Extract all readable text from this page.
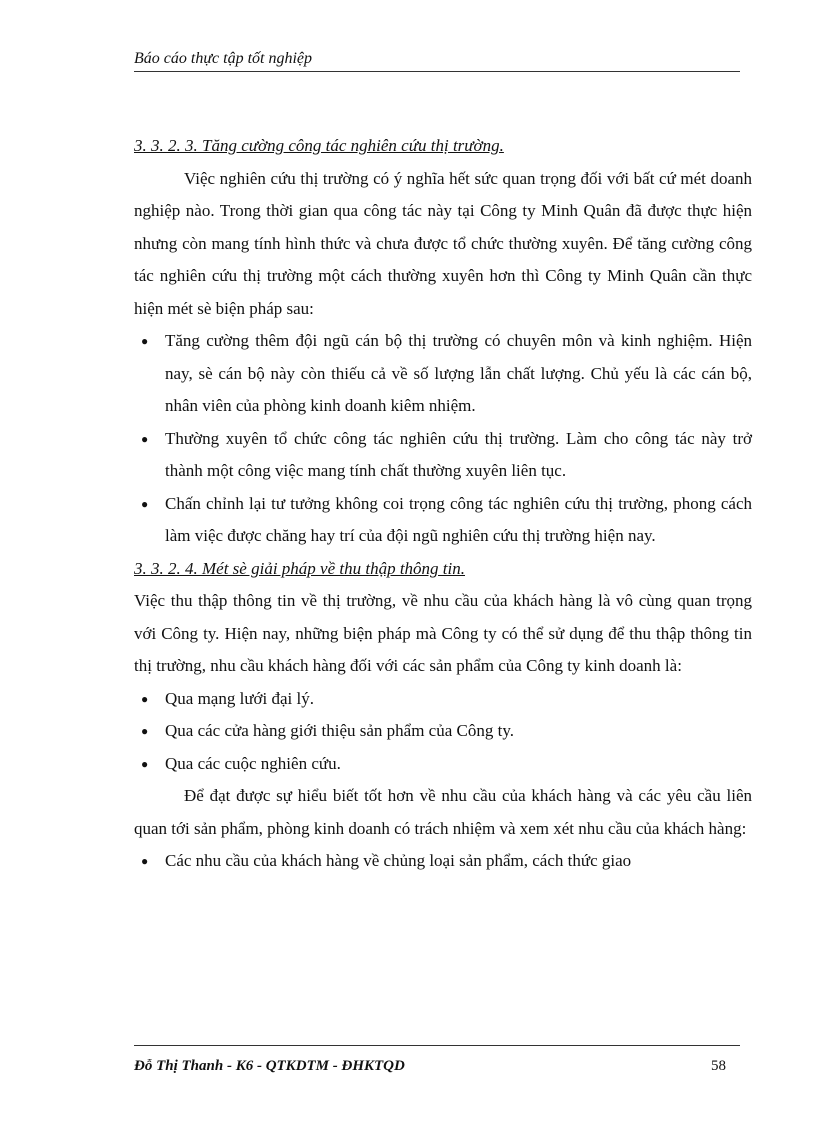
Báo cáo thực tập tốt nghiệp

3. 3. 2. 3. Tăng cường công tác nghiên cứu thị trường.

Việc nghiên cứu thị trường có ý nghĩa hết sức quan trọng đối với bất cứ mét doanh nghiệp nào. Trong thời gian qua công tác này tại Công ty Minh Quân đã được thực hiện nhưng còn mang tính hình thức và chưa được tổ chức thường xuyên. Để tăng cường công tác nghiên cứu thị trường một cách thường xuyên hơn thì Công ty Minh Quân cần thực hiện mét sè biện pháp sau:

● Tăng cường thêm đội ngũ cán bộ thị trường có chuyên môn và kinh nghiệm. Hiện nay, sè cán bộ này còn thiếu cả về số lượng lẫn chất lượng. Chủ yếu là các cán bộ, nhân viên của phòng kinh doanh kiêm nhiệm.
● Thường xuyên tổ chức công tác nghiên cứu thị trường. Làm cho công tác này trở thành một công việc mang tính chất thường xuyên liên tục.
● Chấn chỉnh lại tư tưởng không coi trọng công tác nghiên cứu thị trường, phong cách làm việc được chăng hay trí của đội ngũ nghiên cứu thị trường hiện nay.

3. 3. 2. 4. Mét sè giải pháp về thu thập thông tin.

Việc thu thập thông tin về thị trường, về nhu cầu của khách hàng là vô cùng quan trọng với Công ty. Hiện nay, những biện pháp mà Công ty có thể sử dụng để thu thập thông tin thị trường, nhu cầu khách hàng đối với các sản phẩm của Công ty kinh doanh là:

● Qua mạng lưới đại lý.
● Qua các cửa hàng giới thiệu sản phẩm của Công ty.
● Qua các cuộc nghiên cứu.

Để đạt được sự hiểu biết tốt hơn về nhu cầu của khách hàng và các yêu cầu liên quan tới sản phẩm, phòng kinh doanh có trách nhiệm và xem xét nhu cầu của khách hàng:

● Các nhu cầu của khách hàng về chủng loại sản phẩm, cách thức giao
Đỗ Thị Thanh - K6 - QTKDTM - ĐHKTQD	58
